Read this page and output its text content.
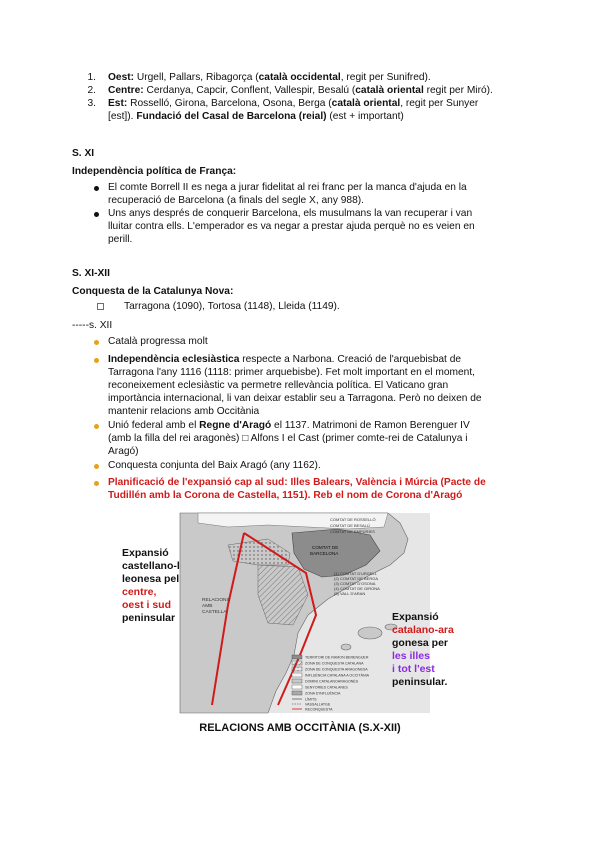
1. Oest: Urgell, Pallars, Ribagorça (català occidental, regit per Sunifred).
2. Centre: Cerdanya, Capcir, Conflent, Vallespir, Besalú (català oriental regit per Miró).
3. Est: Rosselló, Girona, Barcelona, Osona, Berga (català oriental, regit per Sunyer
[est]). Fundació del Casal de Barcelona (reial) (est + important)
S. XI
Independència política de França:
El comte Borrell II es nega a jurar fidelitat al rei franc per la manca d'ajuda en la
recuperació de Barcelona (a finals del segle X, any 988).
Uns anys després de conquerir Barcelona, els musulmans la van recuperar i van
lluitar contra ells. L'emperador es va negar a prestar ajuda perquè no es veien en
perill.
S. XI-XII
Conquesta de la Catalunya Nova:
Tarragona (1090), Tortosa (1148), Lleida (1149).
-----s. XII
Català progressa molt
Independència eclesiàstica respecte a Narbona. Creació de l'arquebisbat de
Tarragona l'any 1116 (1118: primer arquebisbe). Fet molt important en el moment,
reconeixement eclesiàstic va permetre rellevància política. El Vaticano gran
importància internacional, li van deixar establir seu a Tarragona. Però no deixen de
mantenir relacions amb Occitània
Unió federal amb el Regne d'Aragó el 1137. Matrimoni de Ramon Berenguer IV
(amb la filla del rei aragonès) □ Alfons I el Cast (primer comte-rei de Catalunya i
Aragó)
Conquesta conjunta del Baix Aragó (any 1162).
Planificació de l'expansió cap al sud: Illes Balears, València i Múrcia (Pacte de
Tudillén amb la Corona de Castella, 1151). Reb el nom de Corona d'Aragó
RELACIONS
AMB
CASTELLA
COMTAT DE
BARCELONA
COMTAT DE ROSSELLÓ
COMTAT DE BESALÚ
COMTAT DE EMPÚRIES
(1) COMTAT D'URGELL
(2) COMTAT DE BERGA
(3) COMTAT D'OSONA
(4) COMTAT DE GIRONA
(5) VALL D'ARAN
TERRITORI DE RAMON BERENGUER
ZONA DE CONQUESTA CATALANA
ZONA DE CONQUESTA ARAGONESA
INFLUÈNCIA CATALANA A OCCITÀNIA
DOMINI CATALANOARAGONÈS
SENYORIES CATALANES
ZONA D'INFLUÈNCIA
LÍMITS
VASSALLATGE
RECONQUESTA
Expansió
castellano-l
leonesa pel
centre,
oest i sud
peninsular	Expansió
catalano-ara
gonesa per
les illes
i tot l'est
peninsular.
RELACIONS AMB OCCITÀNIA (S.X-XII)
